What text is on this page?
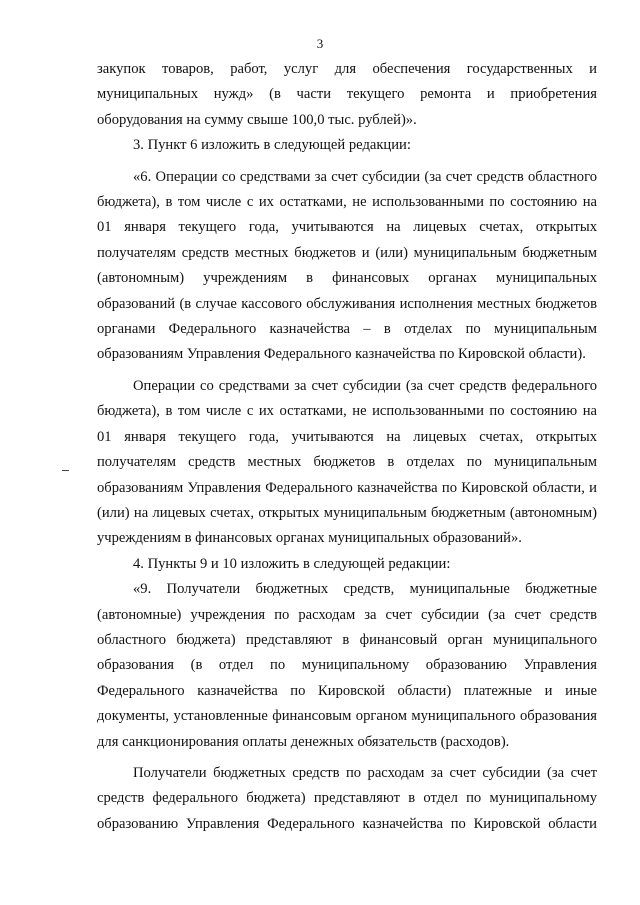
3

закупок товаров, работ, услуг для обеспечения государственных и
муниципальных нужд» (в части текущего ремонта и приобретения
оборудования на сумму свыше 100,0 тыс. рублей)».

3. Пункт 6 изложить в следующей редакции:

«6. Операции со средствами за счет субсидии (за счет средств областного
бюджета), в том числе с их остатками, не использованными по состоянию на
01 января текущего года, учитываются на лицевых счетах, открытых
получателям средств местных бюджетов и (или) муниципальным бюджетным
(автономным) учреждениям в финансовых органах муниципальных
образований (в случае кассового обслуживания исполнения местных бюджетов
органами Федерального казначейства – в отделах по муниципальным
образованиям Управления Федерального казначейства по Кировской области).

Операции со средствами за счет субсидии (за счет средств федерального
бюджета), в том числе с их остатками, не использованными по состоянию на
01 января текущего года, учитываются на лицевых счетах, открытых
получателям средств местных бюджетов в отделах по муниципальным
образованиям Управления Федерального казначейства по Кировской области, и
(или) на лицевых счетах, открытых муниципальным бюджетным (автономным)
учреждениям в финансовых органах муниципальных образований».

4. Пункты 9 и 10 изложить в следующей редакции:

«9. Получатели бюджетных средств, муниципальные бюджетные
(автономные) учреждения по расходам за счет субсидии (за счет средств
областного бюджета) представляют в финансовый орган муниципального
образования (в отдел по муниципальному образованию Управления
Федерального казначейства по Кировской области) платежные и иные
документы, установленные финансовым органом муниципального образования
для санкционирования оплаты денежных обязательств (расходов).

Получатели бюджетных средств по расходам за счет субсидии (за счет
средств федерального бюджета) представляют в отдел по муниципальному
образованию Управления Федерального казначейства по Кировской области
